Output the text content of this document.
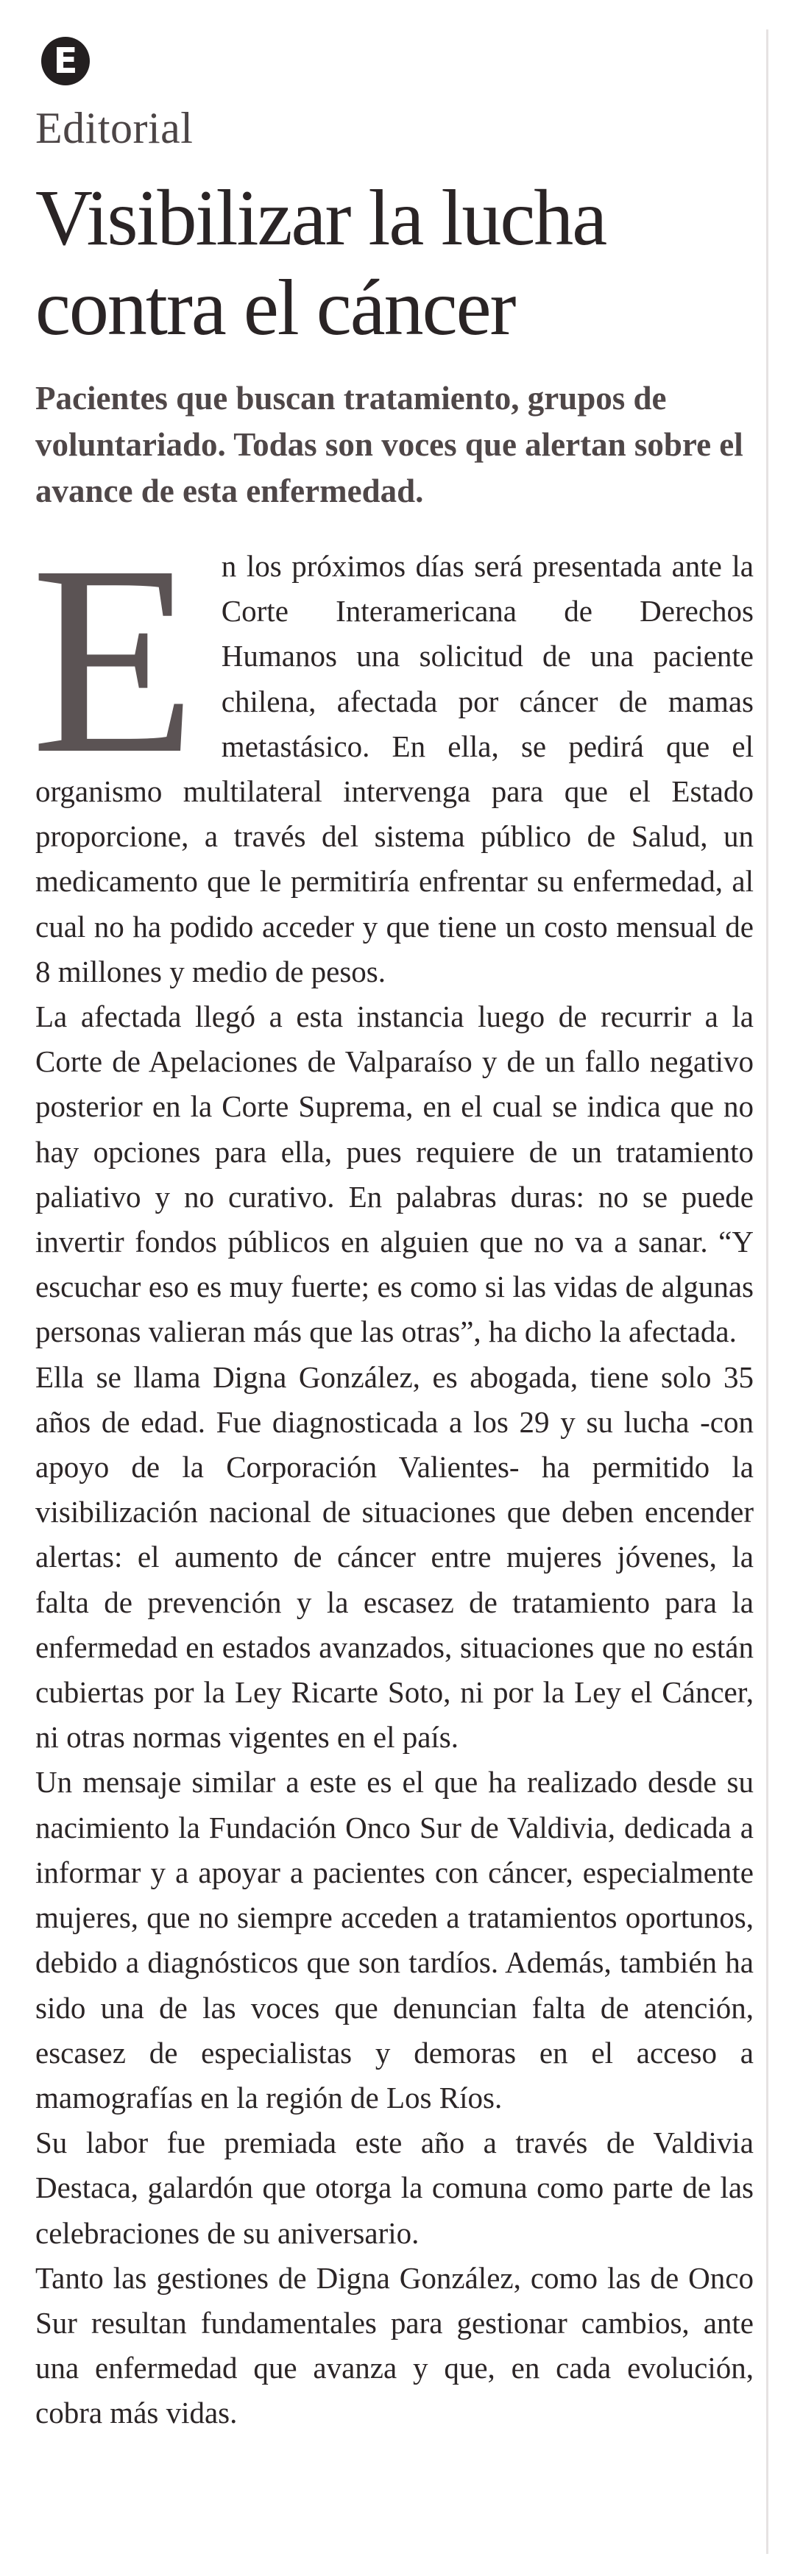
E
Editorial
Visibilizar la lucha contra el cáncer
Pacientes que buscan tratamiento, grupos de voluntariado. Todas son voces que alertan sobre el avance de esta enfermedad.

En los próximos días será presentada ante la Corte Interamericana de Derechos Humanos una solicitud de una paciente chilena, afectada por cáncer de mamas metastásico. En ella, se pedirá que el organismo multilateral intervenga para que el Estado proporcione, a través del sistema público de Salud, un medicamento que le permitiría enfrentar su enfermedad, al cual no ha podido acceder y que tiene un costo mensual de 8 millones y medio de pesos.

La afectada llegó a esta instancia luego de recurrir a la Corte de Apelaciones de Valparaíso y de un fallo negativo posterior en la Corte Suprema, en el cual se indica que no hay opciones para ella, pues requiere de un tratamiento paliativo y no curativo. En palabras duras: no se puede invertir fondos públicos en alguien que no va a sanar. “Y escuchar eso es muy fuerte; es como si las vidas de algunas personas valieran más que las otras”, ha dicho la afectada.

Ella se llama Digna González, es abogada, tiene solo 35 años de edad. Fue diagnosticada a los 29 y su lucha -con apoyo de la Corporación Valientes- ha permitido la visibilización nacional de situaciones que deben encender alertas: el aumento de cáncer entre mujeres jóvenes, la falta de prevención y la escasez de tratamiento para la enfermedad en estados avanzados, situaciones que no están cubiertas por la Ley Ricarte Soto, ni por la Ley el Cáncer, ni otras normas vigentes en el país.

Un mensaje similar a este es el que ha realizado desde su nacimiento la Fundación Onco Sur de Valdivia, dedicada a informar y a apoyar a pacientes con cáncer, especialmente mujeres, que no siempre acceden a tratamientos oportunos, debido a diagnósticos que son tardíos. Además, también ha sido una de las voces que denuncian falta de atención, escasez de especialistas y demoras en el acceso a mamografías en la región de Los Ríos.

Su labor fue premiada este año a través de Valdivia Destaca, galardón que otorga la comuna como parte de las celebraciones de su aniversario.

Tanto las gestiones de Digna González, como las de Onco Sur resultan fundamentales para gestionar cambios, ante una enfermedad que avanza y que, en cada evolución, cobra más vidas.
